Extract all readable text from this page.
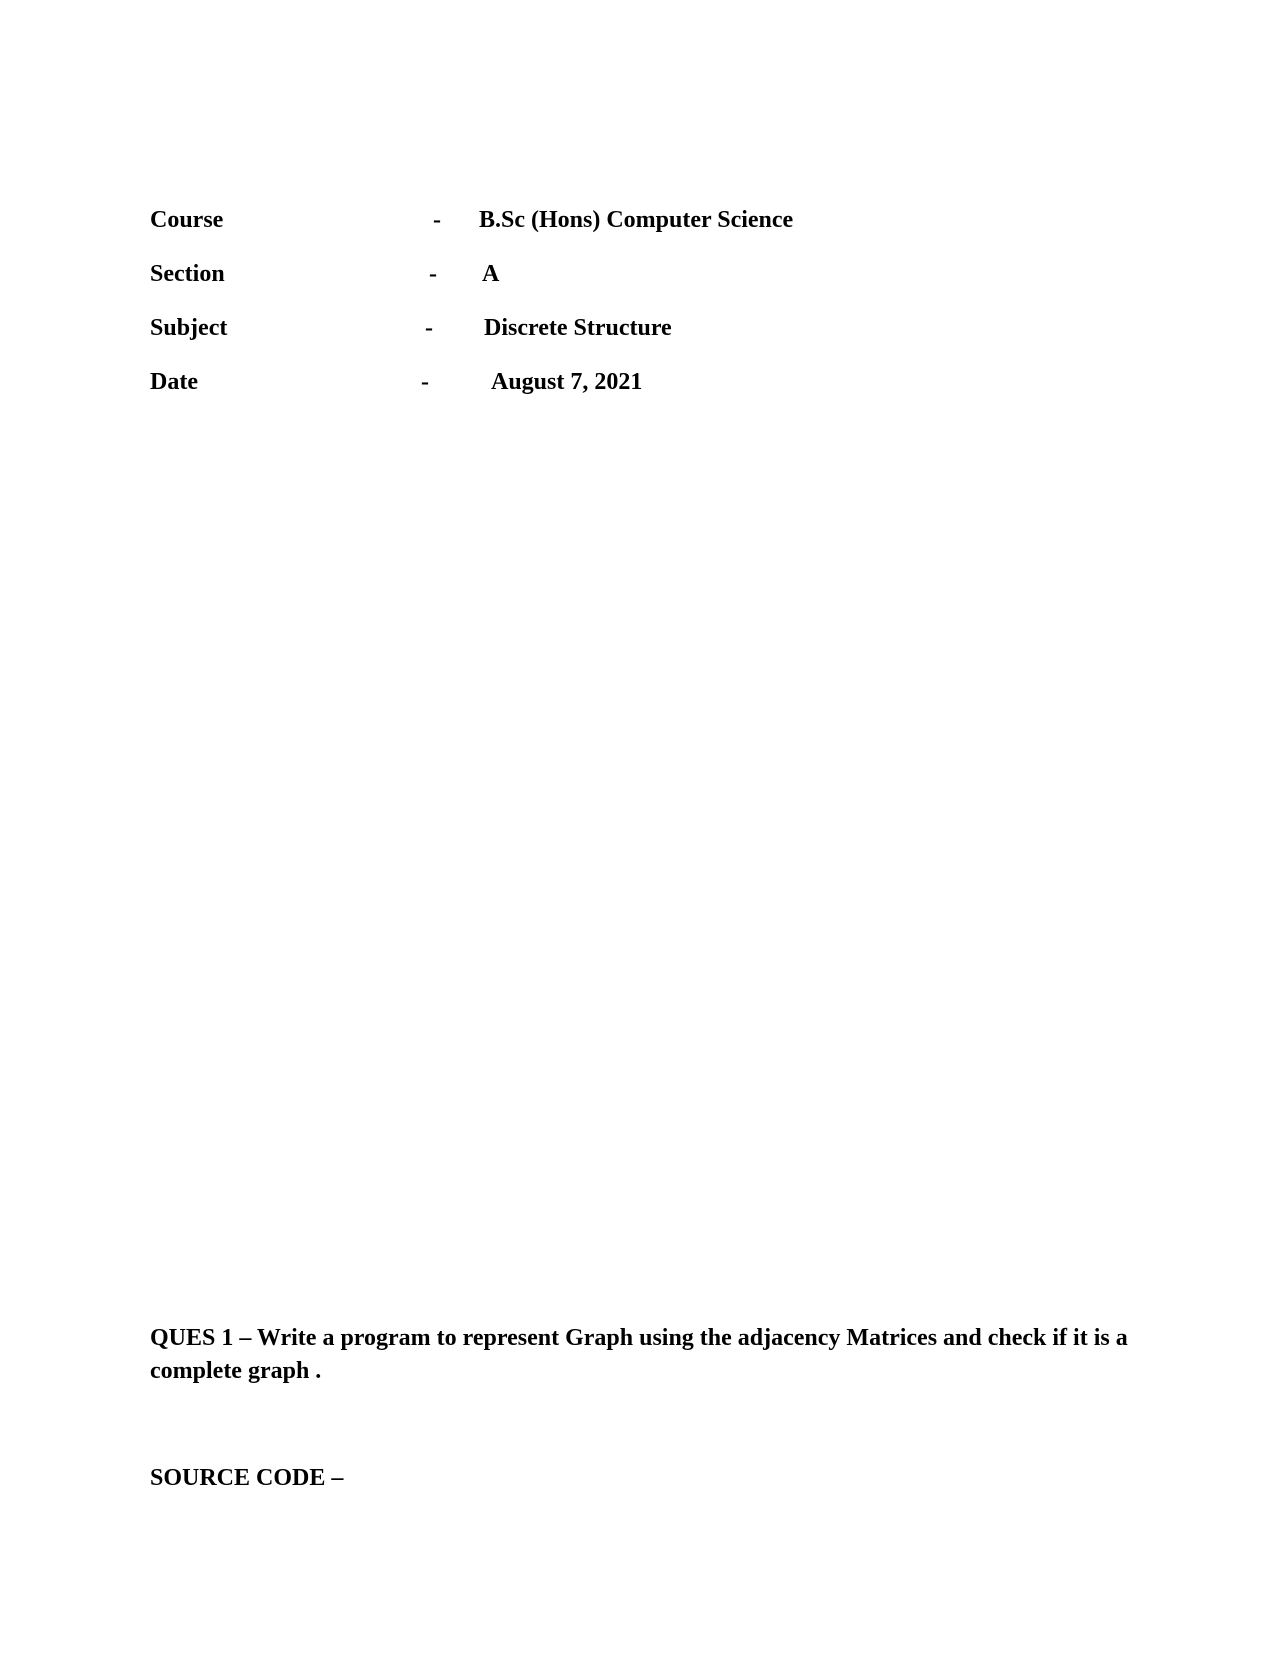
Course	- B.Sc (Hons) Computer Science
Section	- A
Subject	- Discrete Structure
Date	-	August 7, 2021
QUES 1 – Write a program to represent Graph using the adjacency Matrices and check if it is a complete graph .
SOURCE CODE –
